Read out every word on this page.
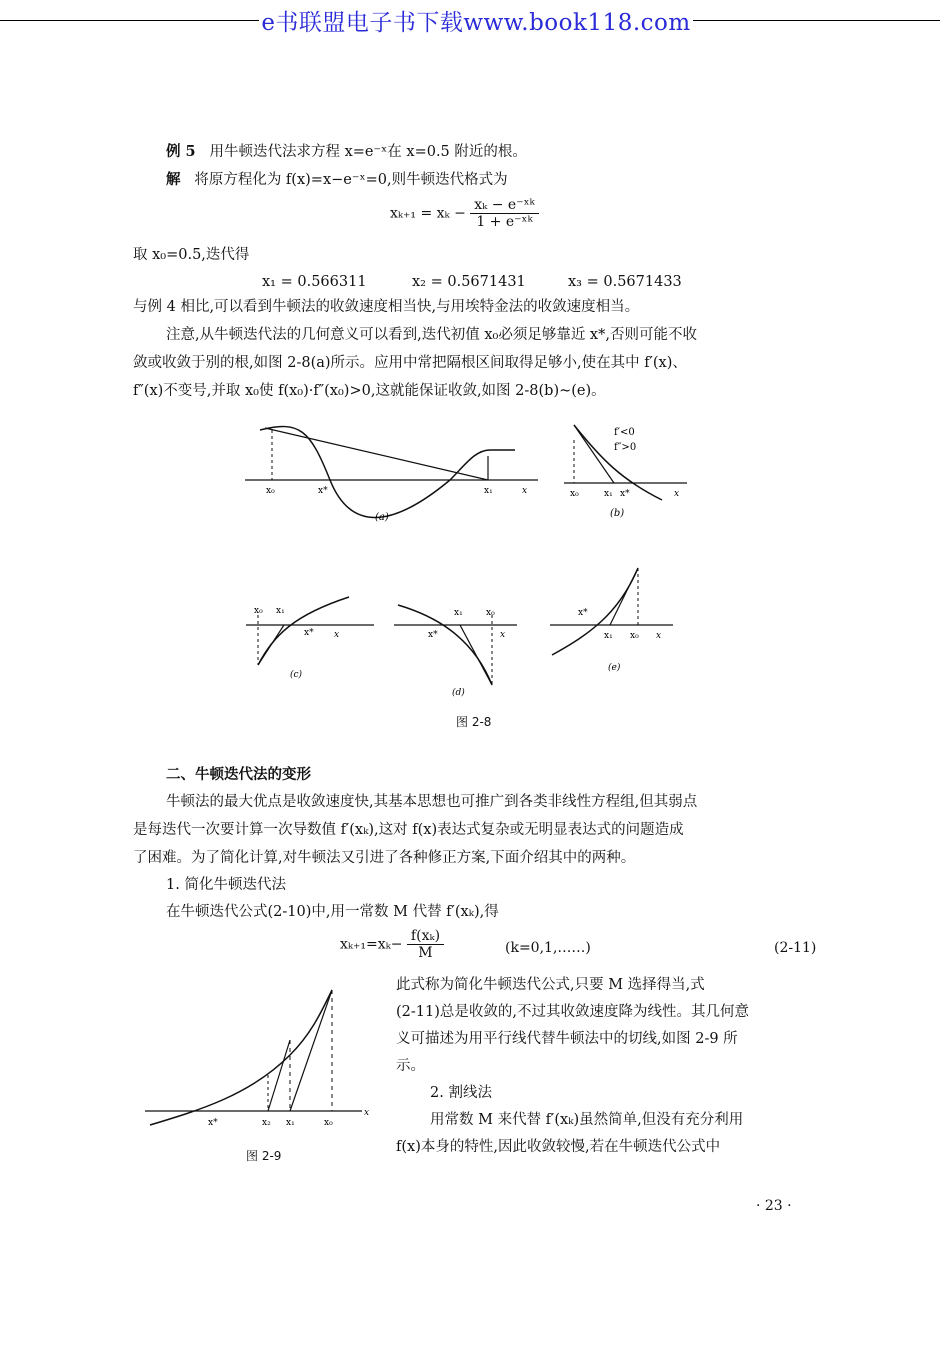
e书联盟电子书下载www.book118.com
例 5 用牛顿迭代法求方程 x=e⁻ˣ在 x=0.5 附近的根。
解 将原方程化为 f(x)=x−e⁻ˣ=0,则牛顿迭代格式为
$x_{k+1} = x_k - \frac{\text{xₖ − e⁻ˣᵏ}}{\text{1 + e⁻ˣᵏ}}$
取 x₀=0.5,迭代得
x₁ = 0.566311	x₂ = 0.5671431	x₃ = 0.5671433
与例 4 相比,可以看到牛顿法的收敛速度相当快,与用埃特金法的收敛速度相当。
注意,从牛顿迭代法的几何意义可以看到,迭代初值 x₀必须足够靠近 x*,否则可能不收
敛或收敛于别的根,如图 2-8(a)所示。应用中常把隔根区间取得足够小,使在其中 f′(x)、
f″(x)不变号,并取 x₀使 f(x₀)·f″(x₀)>0,这就能保证收敛,如图 2-8(b)~(e)。
x₀	x*	x₁	x
(a)
f′<0
f″>0
x₀	x₁ x*	x
(b)
x₀ x₁
x* x
(c)
x₁	x₀
x*	x
(d)
x*
x₁ x₀ x
(e)
图 2-8
二、牛顿迭代法的变形
牛顿法的最大优点是收敛速度快,其基本思想也可推广到各类非线性方程组,但其弱点
是每迭代一次要计算一次导数值 f′(xₖ),这对 f(x)表达式复杂或无明显表达式的问题造成
了困难。为了简化计算,对牛顿法又引进了各种修正方案,下面介绍其中的两种。
1. 简化牛顿迭代法
在牛顿迭代公式(2-10)中,用一常数 M 代替 f′(xₖ),得
$x_{k+1}=x_k- \frac{\text{f(xₖ)}}{M}$	(k=0,1,……)	(2-11)
此式称为简化牛顿迭代公式,只要 M 选择得当,式
(2-11)总是收敛的,不过其收敛速度降为线性。其几何意
义可描述为用平行线代替牛顿法中的切线,如图 2-9 所
示。
2. 割线法
用常数 M 来代替 f′(xₖ)虽然简单,但没有充分利用
f(x)本身的特性,因此收敛较慢,若在牛顿迭代公式中
x*	x₂ x₁	x₀
x
图 2-9
· 23 ·
